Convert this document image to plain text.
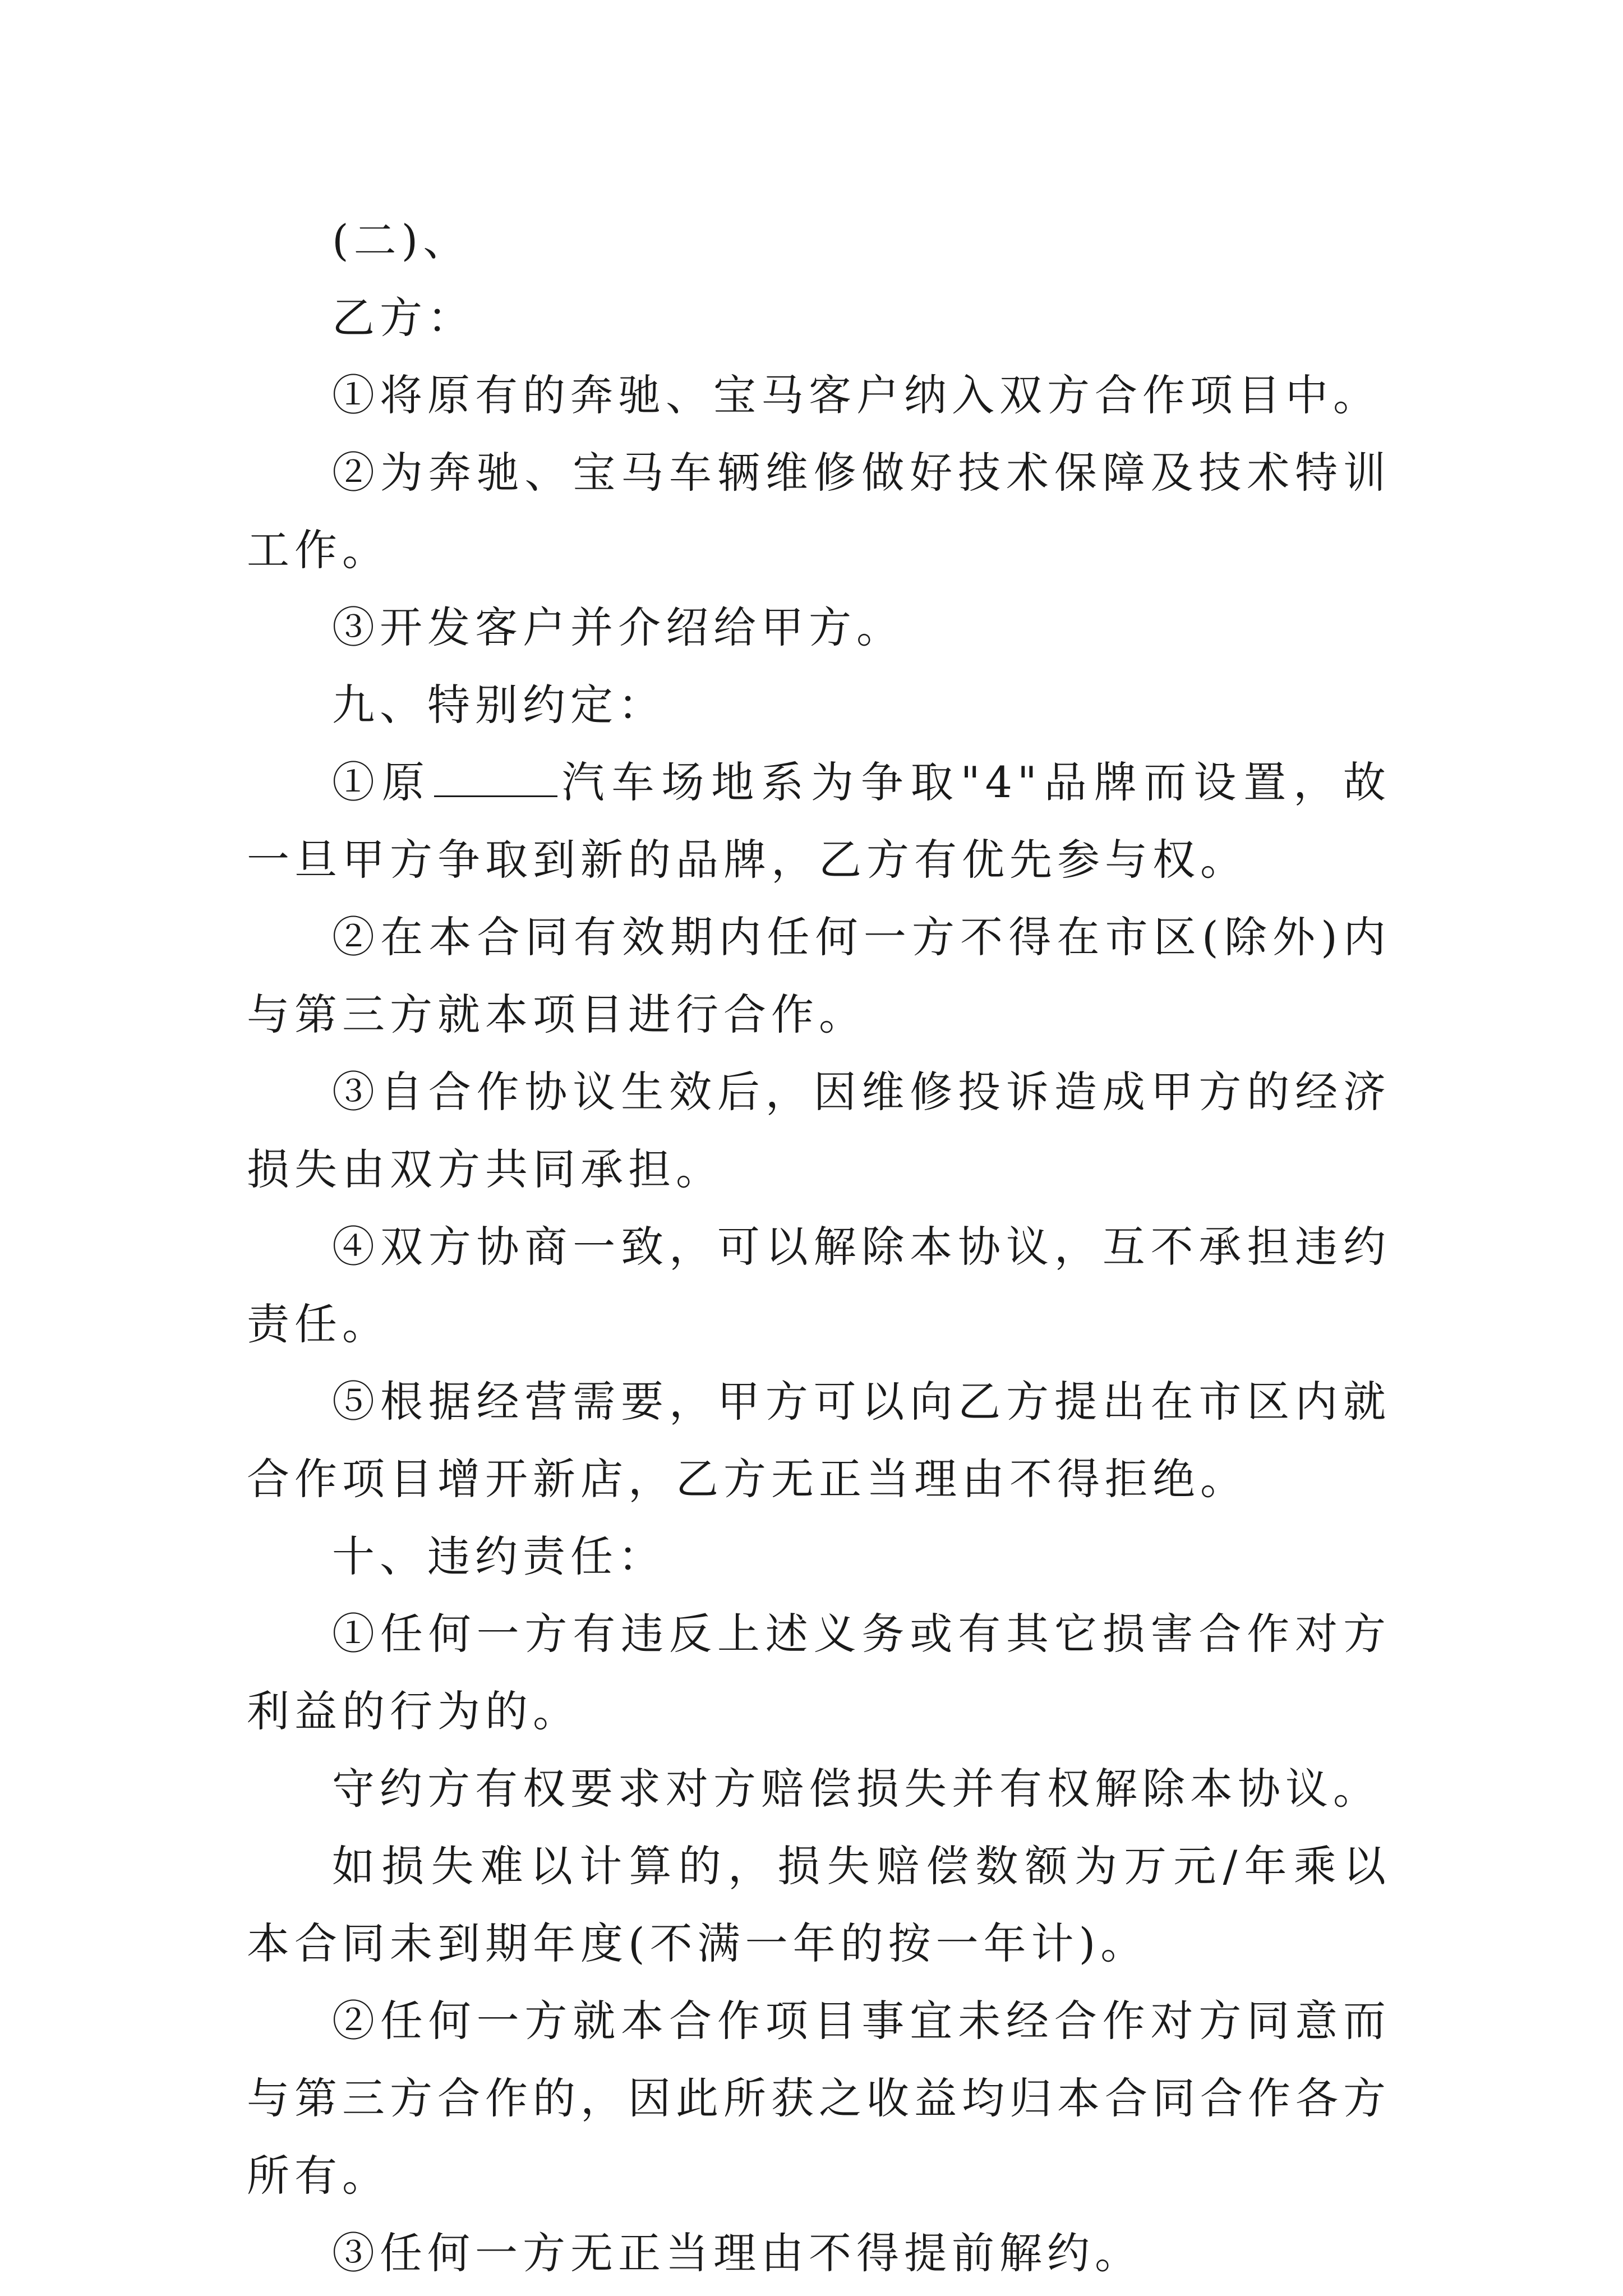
(二)、

乙方：

①将原有的奔驰、宝马客户纳入双方合作项目中。

②为奔驰、宝马车辆维修做好技术保障及技术特训工作。

③开发客户并介绍给甲方。

九、特别约定：

①原	汽车场地系为争取"4"品牌而设置，故一旦甲方争取到新的品牌，乙方有优先参与权。

②在本合同有效期内任何一方不得在市区(除外)内与第三方就本项目进行合作。

③自合作协议生效后，因维修投诉造成甲方的经济损失由双方共同承担。

④双方协商一致，可以解除本协议，互不承担违约责任。

⑤根据经营需要，甲方可以向乙方提出在市区内就合作项目增开新店，乙方无正当理由不得拒绝。

十、违约责任：

①任何一方有违反上述义务或有其它损害合作对方利益的行为的。

守约方有权要求对方赔偿损失并有权解除本协议。

如损失难以计算的，损失赔偿数额为万元/年乘以本合同未到期年度(不满一年的按一年计)。

②任何一方就本合作项目事宜未经合作对方同意而与第三方合作的，因此所获之收益均归本合同合作各方所有。

③任何一方无正当理由不得提前解约。
